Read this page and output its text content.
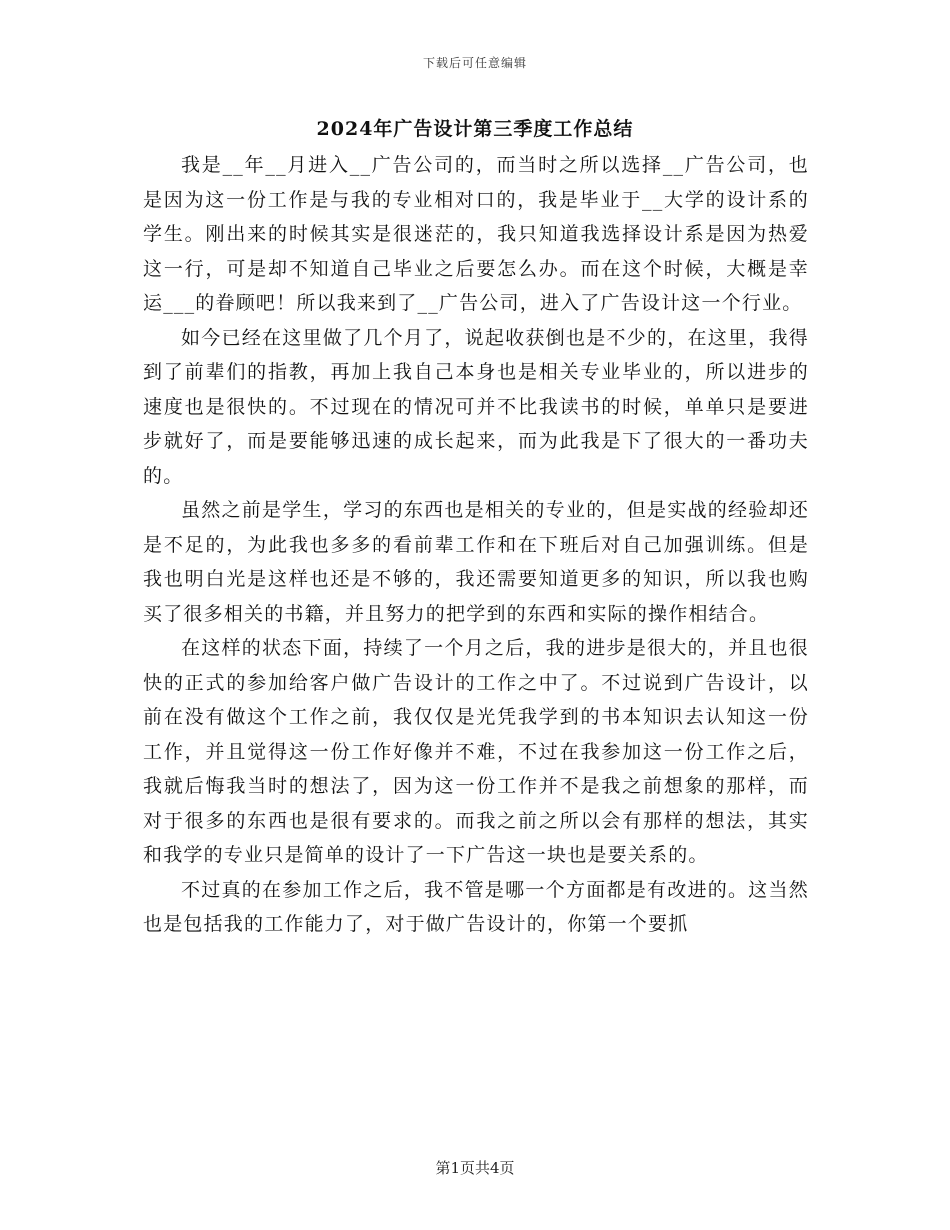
下载后可任意编辑
2024年广告设计第三季度工作总结

我是__年__月进入__广告公司的，而当时之所以选择__广告公司，也是因为这一份工作是与我的专业相对口的，我是毕业于__大学的设计系的学生。刚出来的时候其实是很迷茫的，我只知道我选择设计系是因为热爱这一行，可是却不知道自己毕业之后要怎么办。而在这个时候，大概是幸运___的眷顾吧！所以我来到了__广告公司，进入了广告设计这一个行业。

如今已经在这里做了几个月了，说起收获倒也是不少的，在这里，我得到了前辈们的指教，再加上我自己本身也是相关专业毕业的，所以进步的速度也是很快的。不过现在的情况可并不比我读书的时候，单单只是要进步就好了，而是要能够迅速的成长起来，而为此我是下了很大的一番功夫的。

虽然之前是学生，学习的东西也是相关的专业的，但是实战的经验却还是不足的，为此我也多多的看前辈工作和在下班后对自己加强训练。但是我也明白光是这样也还是不够的，我还需要知道更多的知识，所以我也购买了很多相关的书籍，并且努力的把学到的东西和实际的操作相结合。

在这样的状态下面，持续了一个月之后，我的进步是很大的，并且也很快的正式的参加给客户做广告设计的工作之中了。不过说到广告设计，以前在没有做这个工作之前，我仅仅是光凭我学到的书本知识去认知这一份工作，并且觉得这一份工作好像并不难，不过在我参加这一份工作之后，我就后悔我当时的想法了，因为这一份工作并不是我之前想象的那样，而对于很多的东西也是很有要求的。而我之前之所以会有那样的想法，其实和我学的专业只是简单的设计了一下广告这一块也是要关系的。

不过真的在参加工作之后，我不管是哪一个方面都是有改进的。这当然也是包括我的工作能力了，对于做广告设计的，你第一个要抓

第1页共4页
